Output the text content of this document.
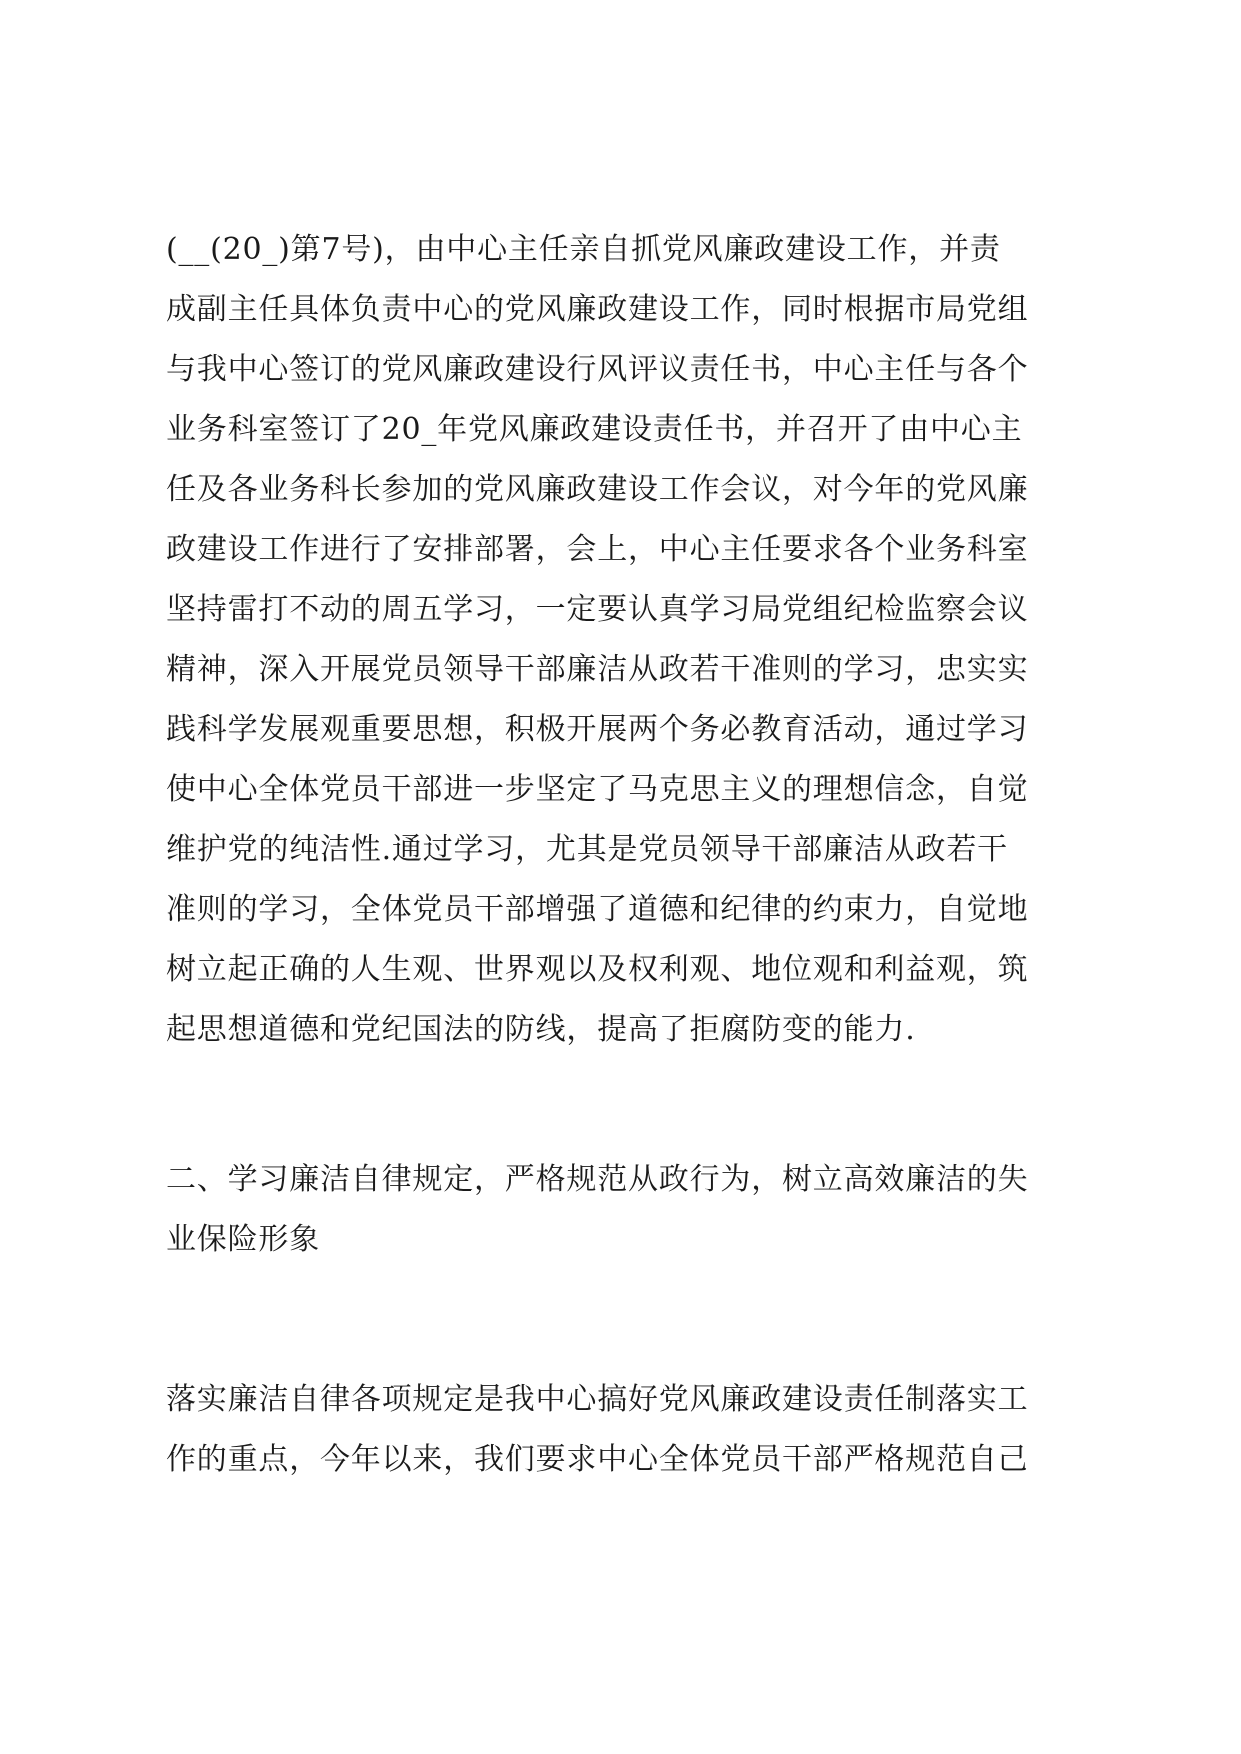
(__(20_)第7号)，由中心主任亲自抓党风廉政建设工作，并责
成副主任具体负责中心的党风廉政建设工作，同时根据市局党组
与我中心签订的党风廉政建设行风评议责任书，中心主任与各个
业务科室签订了20_年党风廉政建设责任书，并召开了由中心主
任及各业务科长参加的党风廉政建设工作会议，对今年的党风廉
政建设工作进行了安排部署，会上，中心主任要求各个业务科室
坚持雷打不动的周五学习，一定要认真学习局党组纪检监察会议
精神，深入开展党员领导干部廉洁从政若干准则的学习，忠实实
践科学发展观重要思想，积极开展两个务必教育活动，通过学习
使中心全体党员干部进一步坚定了马克思主义的理想信念，自觉
维护党的纯洁性.通过学习，尤其是党员领导干部廉洁从政若干
准则的学习，全体党员干部增强了道德和纪律的约束力，自觉地
树立起正确的人生观、世界观以及权利观、地位观和利益观，筑
起思想道德和党纪国法的防线，提高了拒腐防变的能力.
二、学习廉洁自律规定，严格规范从政行为，树立高效廉洁的失
业保险形象
落实廉洁自律各项规定是我中心搞好党风廉政建设责任制落实工
作的重点，今年以来，我们要求中心全体党员干部严格规范自己
